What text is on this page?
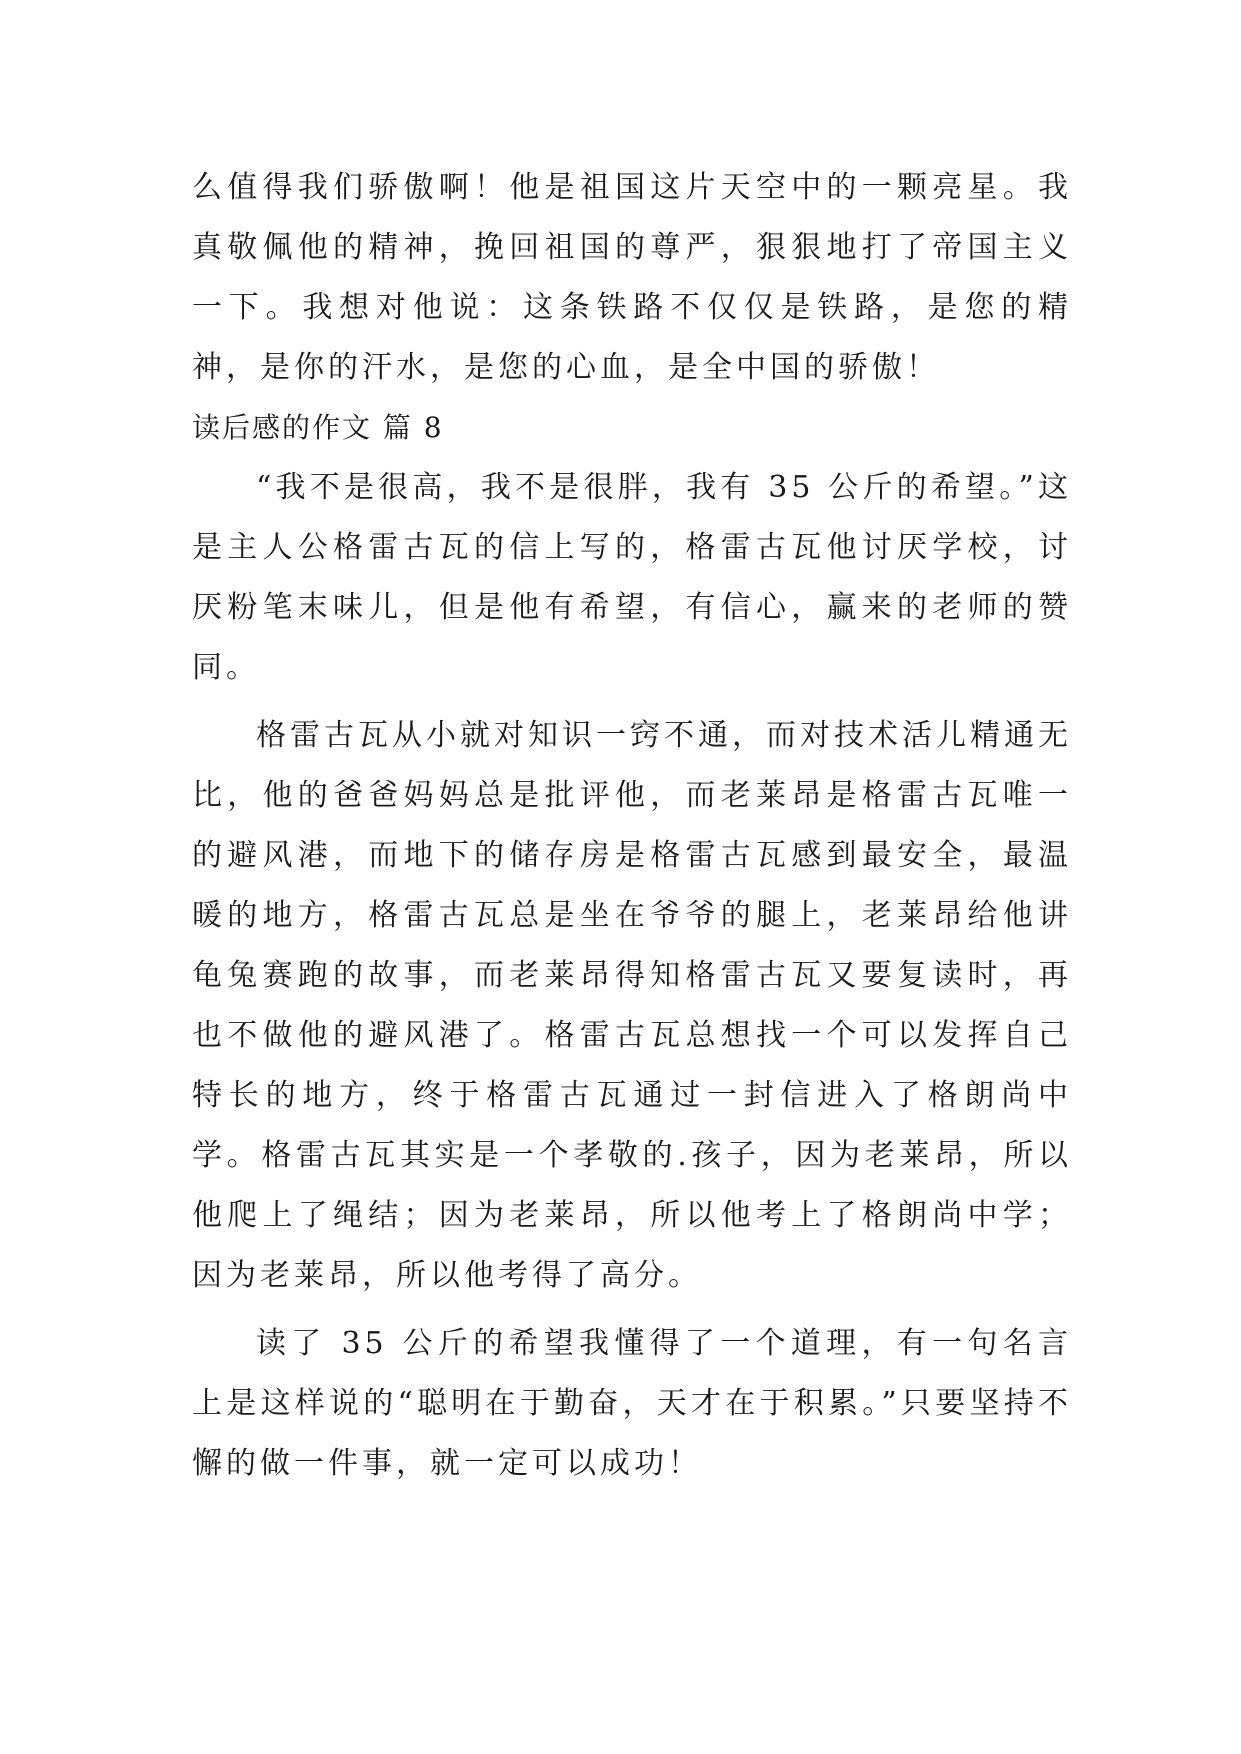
么值得我们骄傲啊！他是祖国这片天空中的一颗亮星。我真敬佩他的精神，挽回祖国的尊严，狠狠地打了帝国主义一下。我想对他说：这条铁路不仅仅是铁路，是您的精神，是你的汗水，是您的心血，是全中国的骄傲！

读后感的作文 篇 8

“我不是很高，我不是很胖，我有 35 公斤的希望。”这是主人公格雷古瓦的信上写的，格雷古瓦他讨厌学校，讨厌粉笔末味儿，但是他有希望，有信心，赢来的老师的赞同。

格雷古瓦从小就对知识一窍不通，而对技术活儿精通无比，他的爸爸妈妈总是批评他，而老莱昂是格雷古瓦唯一的避风港，而地下的储存房是格雷古瓦感到最安全，最温暖的地方，格雷古瓦总是坐在爷爷的腿上，老莱昂给他讲龟兔赛跑的故事，而老莱昂得知格雷古瓦又要复读时，再也不做他的避风港了。格雷古瓦总想找一个可以发挥自己特长的地方，终于格雷古瓦通过一封信进入了格朗尚中学。格雷古瓦其实是一个孝敬的.孩子，因为老莱昂，所以他爬上了绳结；因为老莱昂，所以他考上了格朗尚中学；因为老莱昂，所以他考得了高分。

读了 35 公斤的希望我懂得了一个道理，有一句名言上是这样说的“聪明在于勤奋，天才在于积累。”只要坚持不懈的做一件事，就一定可以成功！
